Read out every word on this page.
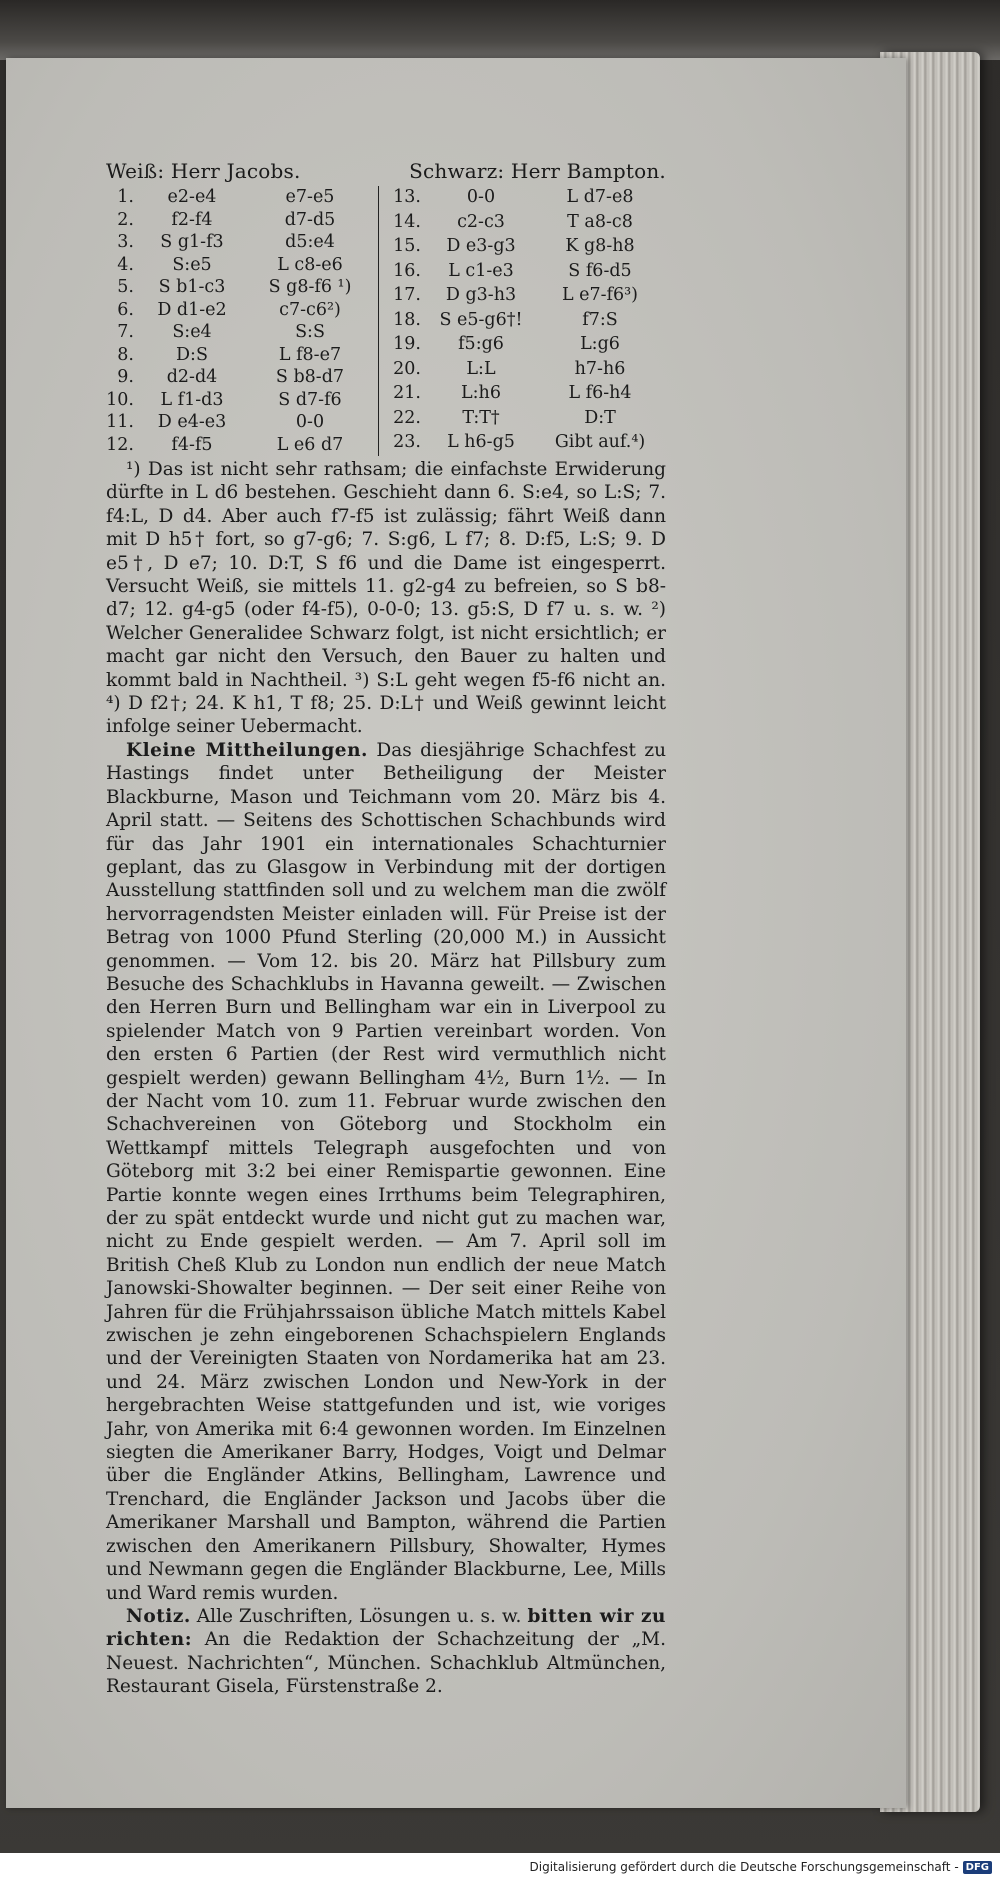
Weiß: Herr Jacobs.	Schwarz: Herr Bampton.
1.	e2-e4	e7-e5
2.	f2-f4	d7-d5
3.	S g1-f3	d5:e4
4.	S:e5	L c8-e6
5.	S b1-c3	S g8-f6 ¹)
6.	D d1-e2	c7-c6²)
7.	S:e4	S:S
8.	D:S	L f8-e7
9.	d2-d4	S b8-d7
10.	L f1-d3	S d7-f6
11.	D e4-e3	0-0
12.	f4-f5	L e6 d7
13.	0-0	L d7-e8
14.	c2-c3	T a8-c8
15.	D e3-g3	K g8-h8
16.	L c1-e3	S f6-d5
17.	D g3-h3	L e7-f6³)
18.	S e5-g6†!	f7:S
19.	f5:g6	L:g6
20.	L:L	h7-h6
21.	L:h6	L f6-h4
22.	T:T†	D:T
23.	L h6-g5	Gibt auf.⁴)

¹) Das ist nicht sehr rathsam; die einfachste Erwiderung dürfte in L d6 bestehen. Geschieht dann 6. S:e4, so L:S; 7. f4:L, D d4. Aber auch f7-f5 ist zulässig; fährt Weiß dann mit D h5† fort, so g7-g6; 7. S:g6, L f7; 8. D:f5, L:S; 9. D e5†, D e7; 10. D:T, S f6 und die Dame ist eingesperrt. Versucht Weiß, sie mittels 11. g2-g4 zu befreien, so S b8-d7; 12. g4-g5 (oder f4-f5), 0-0-0; 13. g5:S, D f7 u. s. w. ²) Welcher Generalidee Schwarz folgt, ist nicht ersichtlich; er macht gar nicht den Versuch, den Bauer zu halten und kommt bald in Nachtheil. ³) S:L geht wegen f5-f6 nicht an. ⁴) D f2†; 24. K h1, T f8; 25. D:L† und Weiß gewinnt leicht infolge seiner Uebermacht.

Kleine Mittheilungen. Das diesjährige Schachfest zu Hastings findet unter Betheiligung der Meister Blackburne, Mason und Teichmann vom 20. März bis 4. April statt. — Seitens des Schottischen Schachbunds wird für das Jahr 1901 ein internationales Schachturnier geplant, das zu Glasgow in Verbindung mit der dortigen Ausstellung stattfinden soll und zu welchem man die zwölf hervorragendsten Meister einladen will. Für Preise ist der Betrag von 1000 Pfund Sterling (20,000 M.) in Aussicht genommen. — Vom 12. bis 20. März hat Pillsbury zum Besuche des Schachklubs in Havanna geweilt. — Zwischen den Herren Burn und Bellingham war ein in Liverpool zu spielender Match von 9 Partien vereinbart worden. Von den ersten 6 Partien (der Rest wird vermuthlich nicht gespielt werden) gewann Bellingham 4½, Burn 1½. — In der Nacht vom 10. zum 11. Februar wurde zwischen den Schachvereinen von Göteborg und Stockholm ein Wettkampf mittels Telegraph ausgefochten und von Göteborg mit 3:2 bei einer Remispartie gewonnen. Eine Partie konnte wegen eines Irrthums beim Telegraphiren, der zu spät entdeckt wurde und nicht gut zu machen war, nicht zu Ende gespielt werden. — Am 7. April soll im British Cheß Klub zu London nun endlich der neue Match Janowski-Showalter beginnen. — Der seit einer Reihe von Jahren für die Frühjahrssaison übliche Match mittels Kabel zwischen je zehn eingeborenen Schachspielern Englands und der Vereinigten Staaten von Nordamerika hat am 23. und 24. März zwischen London und New-York in der hergebrachten Weise stattgefunden und ist, wie voriges Jahr, von Amerika mit 6:4 gewonnen worden. Im Einzelnen siegten die Amerikaner Barry, Hodges, Voigt und Delmar über die Engländer Atkins, Bellingham, Lawrence und Trenchard, die Engländer Jackson und Jacobs über die Amerikaner Marshall und Bampton, während die Partien zwischen den Amerikanern Pillsbury, Showalter, Hymes und Newmann gegen die Engländer Blackburne, Lee, Mills und Ward remis wurden.

Notiz. Alle Zuschriften, Lösungen u. s. w. bitten wir zu richten: An die Redaktion der Schachzeitung der „M. Neuest. Nachrichten“, München. Schachklub Altmünchen, Restaurant Gisela, Fürstenstraße 2.

Digitalisierung gefördert durch die Deutsche Forschungsgemeinschaft - DFG
